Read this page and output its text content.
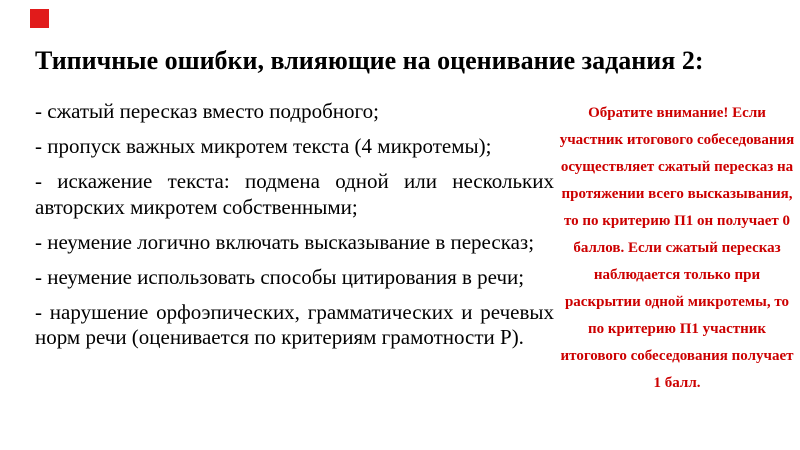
Типичные ошибки, влияющие на оценивание задания 2:

- сжатый пересказ вместо подробного;

- пропуск важных микротем текста (4 микротемы);

- искажение текста: подмена одной или нескольких авторских микротем собственными;

- неумение логично включать высказывание в пересказ;

- неумение использовать способы цитирования в речи;

- нарушение орфоэпических, грамматических и речевых норм речи (оценивается по критериям грамотности Р).

Обратите внимание! Если участник итогового собеседования осуществляет сжатый пересказ на протяжении всего высказывания, то по критерию П1 он получает 0 баллов. Если сжатый пересказ наблюдается только при раскрытии одной микротемы, то по критерию П1 участник итогового собеседования получает 1 балл.
